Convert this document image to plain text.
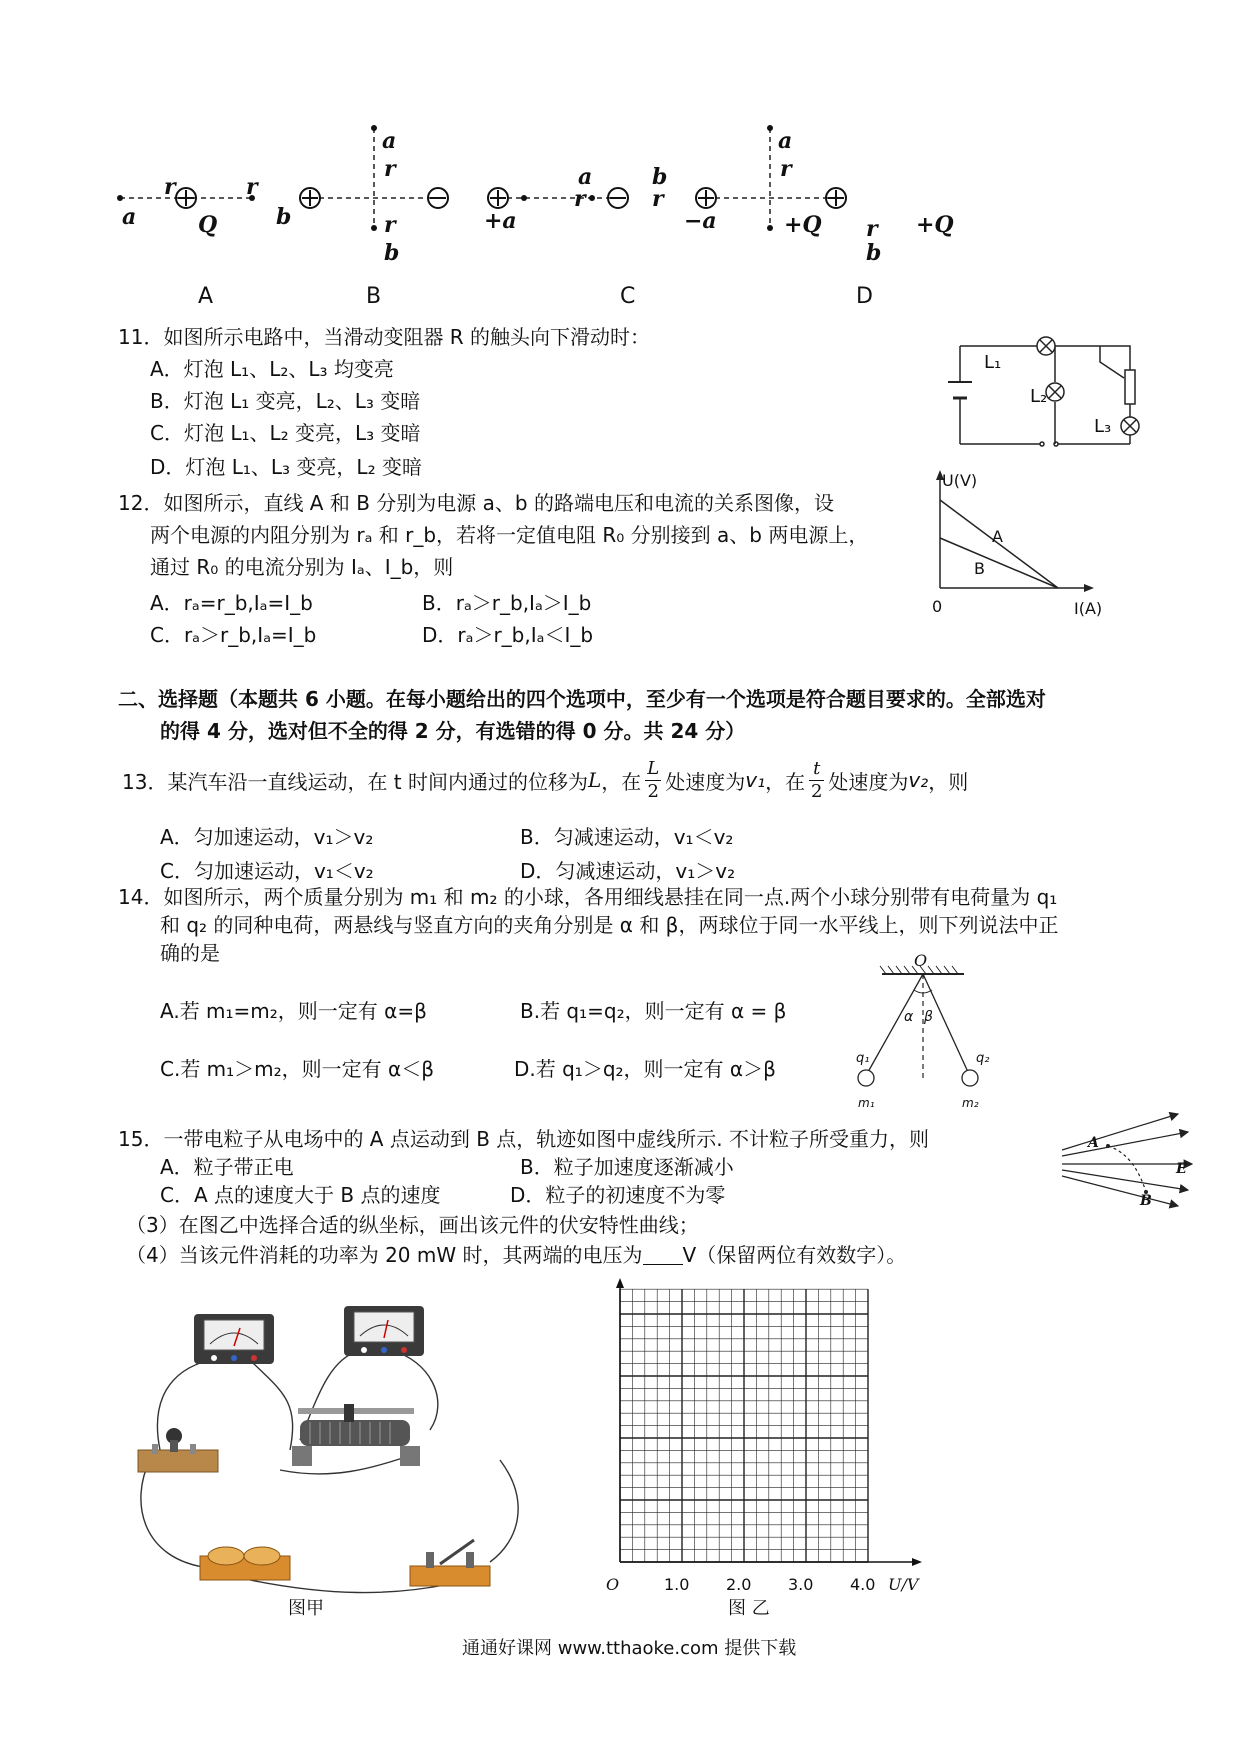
a
r
Q
r
b
A
a
r
r
b
B
a
r
+a
b
r
−a
C
a
r
+Q r
b
+Q
D
11．如图所示电路中，当滑动变阻器 R 的触头向下滑动时：
A．灯泡 L₁、L₂、L₃ 均变亮
B．灯泡 L₁ 变亮，L₂、L₃ 变暗
C．灯泡 L₁、L₂ 变亮，L₃ 变暗
D．灯泡 L₁、L₃ 变亮，L₂ 变暗
L₁
L₂
L₃
12．如图所示，直线 A 和 B 分别为电源 a、b 的路端电压和电流的关系图像，设
两个电源的内阻分别为 rₐ 和 r_b，若将一定值电阻 R₀ 分别接到 a、b 两电源上，
通过 R₀ 的电流分别为 Iₐ、I_b，则
A．rₐ=r_b,Iₐ=I_b	B．rₐ＞r_b,Iₐ＞I_b
C．rₐ＞r_b,Iₐ=I_b	D．rₐ＞r_b,Iₐ＜I_b
U(V)
I(A)
0
A
B
二、选择题（本题共 6 小题。在每小题给出的四个选项中，至少有一个选项是符合题目要求的。全部选对
的得 4 分，选对但不全的得 2 分，有选错的得 0 分。共 24 分）
13．某汽车沿一直线运动，在 t 时间内通过的位移为 L ，在
L
2 处速度为 v₁ ，在
t
2 处速度为 v₂ ，则
A．匀加速运动，v₁＞v₂	B．匀减速运动，v₁＜v₂
C．匀加速运动，v₁＜v₂	D．匀减速运动，v₁＞v₂
14．如图所示，两个质量分别为 m₁ 和 m₂ 的小球，各用细线悬挂在同一点.两个小球分别带有电荷量为 q₁
和 q₂ 的同种电荷，两悬线与竖直方向的夹角分别是 α 和 β，两球位于同一水平线上，则下列说法中正
确的是
A.若 m₁=m₂，则一定有 α=β	B.若 q₁=q₂，则一定有 α = β
C.若 m₁＞m₂，则一定有 α＜β	D.若 q₁＞q₂，则一定有 α＞β
O
α β
q₁	q₂
m₁	m₂
15．一带电粒子从电场中的 A 点运动到 B 点，轨迹如图中虚线所示. 不计粒子所受重力，则
A．粒子带正电	B．粒子加速度逐渐减小
C．A 点的速度大于 B 点的速度	D．粒子的初速度不为零
A
B
E
（3）在图乙中选择合适的纵坐标，画出该元件的伏安特性曲线；
（4）当该元件消耗的功率为 20 mW 时，其两端的电压为 V（保留两位有效数字）。
图甲
O	1.0 2.0 3.0 4.0 U/V
图 乙
通通好课网 www.tthaoke.com 提供下载
